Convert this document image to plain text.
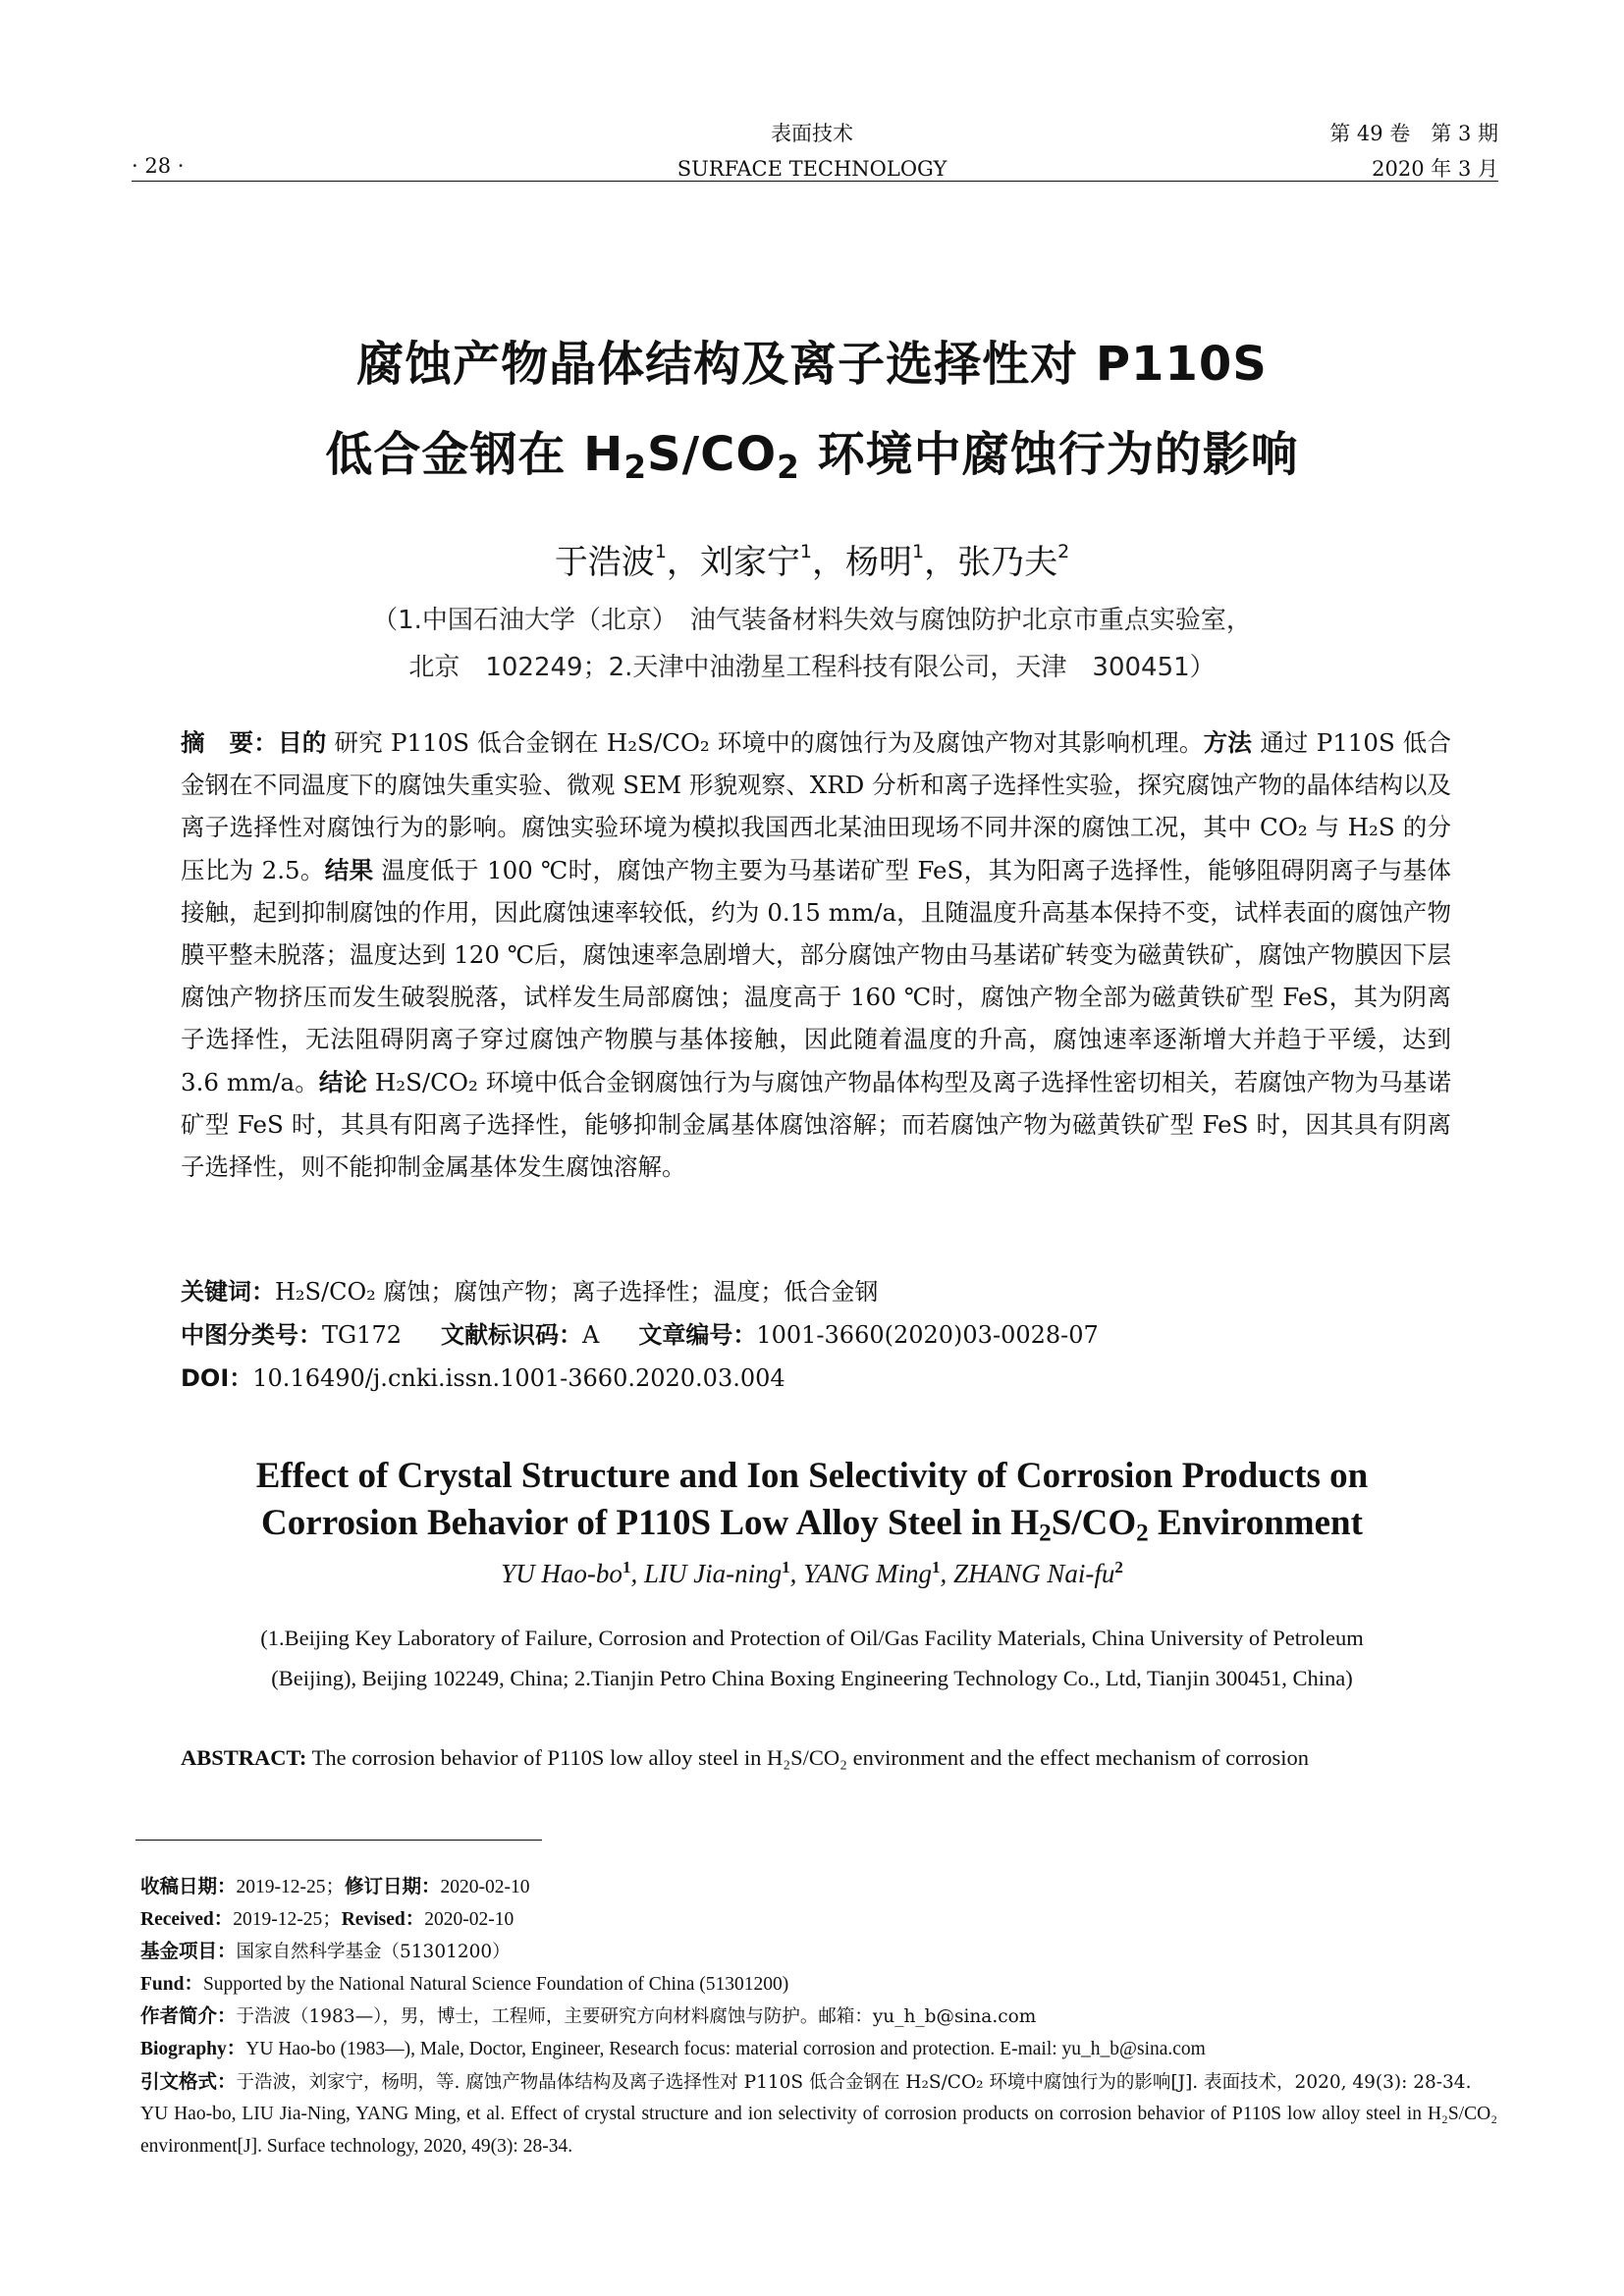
· 28 ·
表面技术
SURFACE TECHNOLOGY
第 49 卷　第 3 期
2020 年 3 月
腐蚀产物晶体结构及离子选择性对 P110S
低合金钢在 $H_2S/CO_2$ 环境中腐蚀行为的影响
于浩波$^1$，刘家宁$^1$，杨明$^1$，张乃夫$^2$
（1.中国石油大学（北京）　油气装备材料失效与腐蚀防护北京市重点实验室，
北京　102249；2.天津中油渤星工程科技有限公司，天津　300451）
摘　要：目的 研究 P110S 低合金钢在 H₂S/CO₂ 环境中的腐蚀行为及腐蚀产物对其影响机理。方法 通过 P110S 低合金钢在不同温度下的腐蚀失重实验、微观 SEM 形貌观察、XRD 分析和离子选择性实验，探究腐蚀产物的晶体结构以及离子选择性对腐蚀行为的影响。腐蚀实验环境为模拟我国西北某油田现场不同井深的腐蚀工况，其中 CO₂ 与 H₂S 的分压比为 2.5。结果 温度低于 100 ℃时，腐蚀产物主要为马基诺矿型 FeS，其为阳离子选择性，能够阻碍阴离子与基体接触，起到抑制腐蚀的作用，因此腐蚀速率较低，约为 0.15 mm/a，且随温度升高基本保持不变，试样表面的腐蚀产物膜平整未脱落；温度达到 120 ℃后，腐蚀速率急剧增大，部分腐蚀产物由马基诺矿转变为磁黄铁矿，腐蚀产物膜因下层腐蚀产物挤压而发生破裂脱落，试样发生局部腐蚀；温度高于 160 ℃时，腐蚀产物全部为磁黄铁矿型 FeS，其为阴离子选择性，无法阻碍阴离子穿过腐蚀产物膜与基体接触，因此随着温度的升高，腐蚀速率逐渐增大并趋于平缓，达到 3.6 mm/a。结论 H₂S/CO₂ 环境中低合金钢腐蚀行为与腐蚀产物晶体构型及离子选择性密切相关，若腐蚀产物为马基诺矿型 FeS 时，其具有阳离子选择性，能够抑制金属基体腐蚀溶解；而若腐蚀产物为磁黄铁矿型 FeS 时，因其具有阴离子选择性，则不能抑制金属基体发生腐蚀溶解。
关键词：H₂S/CO₂ 腐蚀；腐蚀产物；离子选择性；温度；低合金钢
中图分类号：TG172 文献标识码：A 文章编号：1001-3660(2020)03-0028-07
DOI：10.16490/j.cnki.issn.1001-3660.2020.03.004
Effect of Crystal Structure and Ion Selectivity of Corrosion Products on
Corrosion Behavior of P110S Low Alloy Steel in $H_2S/CO_2$ Environment
YU Hao-$bo^1$, LIU Jia-ning$^1$, YANG Ming$^1$, ZHANG Nai-$fu^2$
(1.Beijing Key Laboratory of Failure, Corrosion and Protection of Oil/Gas Facility Materials, China University of Petroleum
(Beijing), Beijing 102249, China; 2.Tianjin Petro China Boxing Engineering Technology Co., Ltd, Tianjin 300451, China)
ABSTRACT: The corrosion behavior of P110S low alloy steel in H₂S/CO₂ environment and the effect mechanism of corrosion
收稿日期：2019-12-25；修订日期：2020-02-10
Received：2019-12-25；Revised：2020-02-10
基金项目：国家自然科学基金（51301200）
Fund：Supported by the National Natural Science Foundation of China (51301200)
作者简介：于浩波（1983—），男，博士，工程师，主要研究方向材料腐蚀与防护。邮箱：yu_h_b@sina.com
Biography：YU Hao-bo (1983—), Male, Doctor, Engineer, Research focus: material corrosion and protection. E-mail: yu_h_b@sina.com
引文格式：于浩波，刘家宁，杨明，等. 腐蚀产物晶体结构及离子选择性对 P110S 低合金钢在 H₂S/CO₂ 环境中腐蚀行为的影响[J]. 表面技术，2020, 49(3): 28-34.
YU Hao-bo, LIU Jia-Ning, YANG Ming, et al. Effect of crystal structure and ion selectivity of corrosion products on corrosion behavior of P110S low alloy steel in H₂S/CO₂ environment[J]. Surface technology, 2020, 49(3): 28-34.
